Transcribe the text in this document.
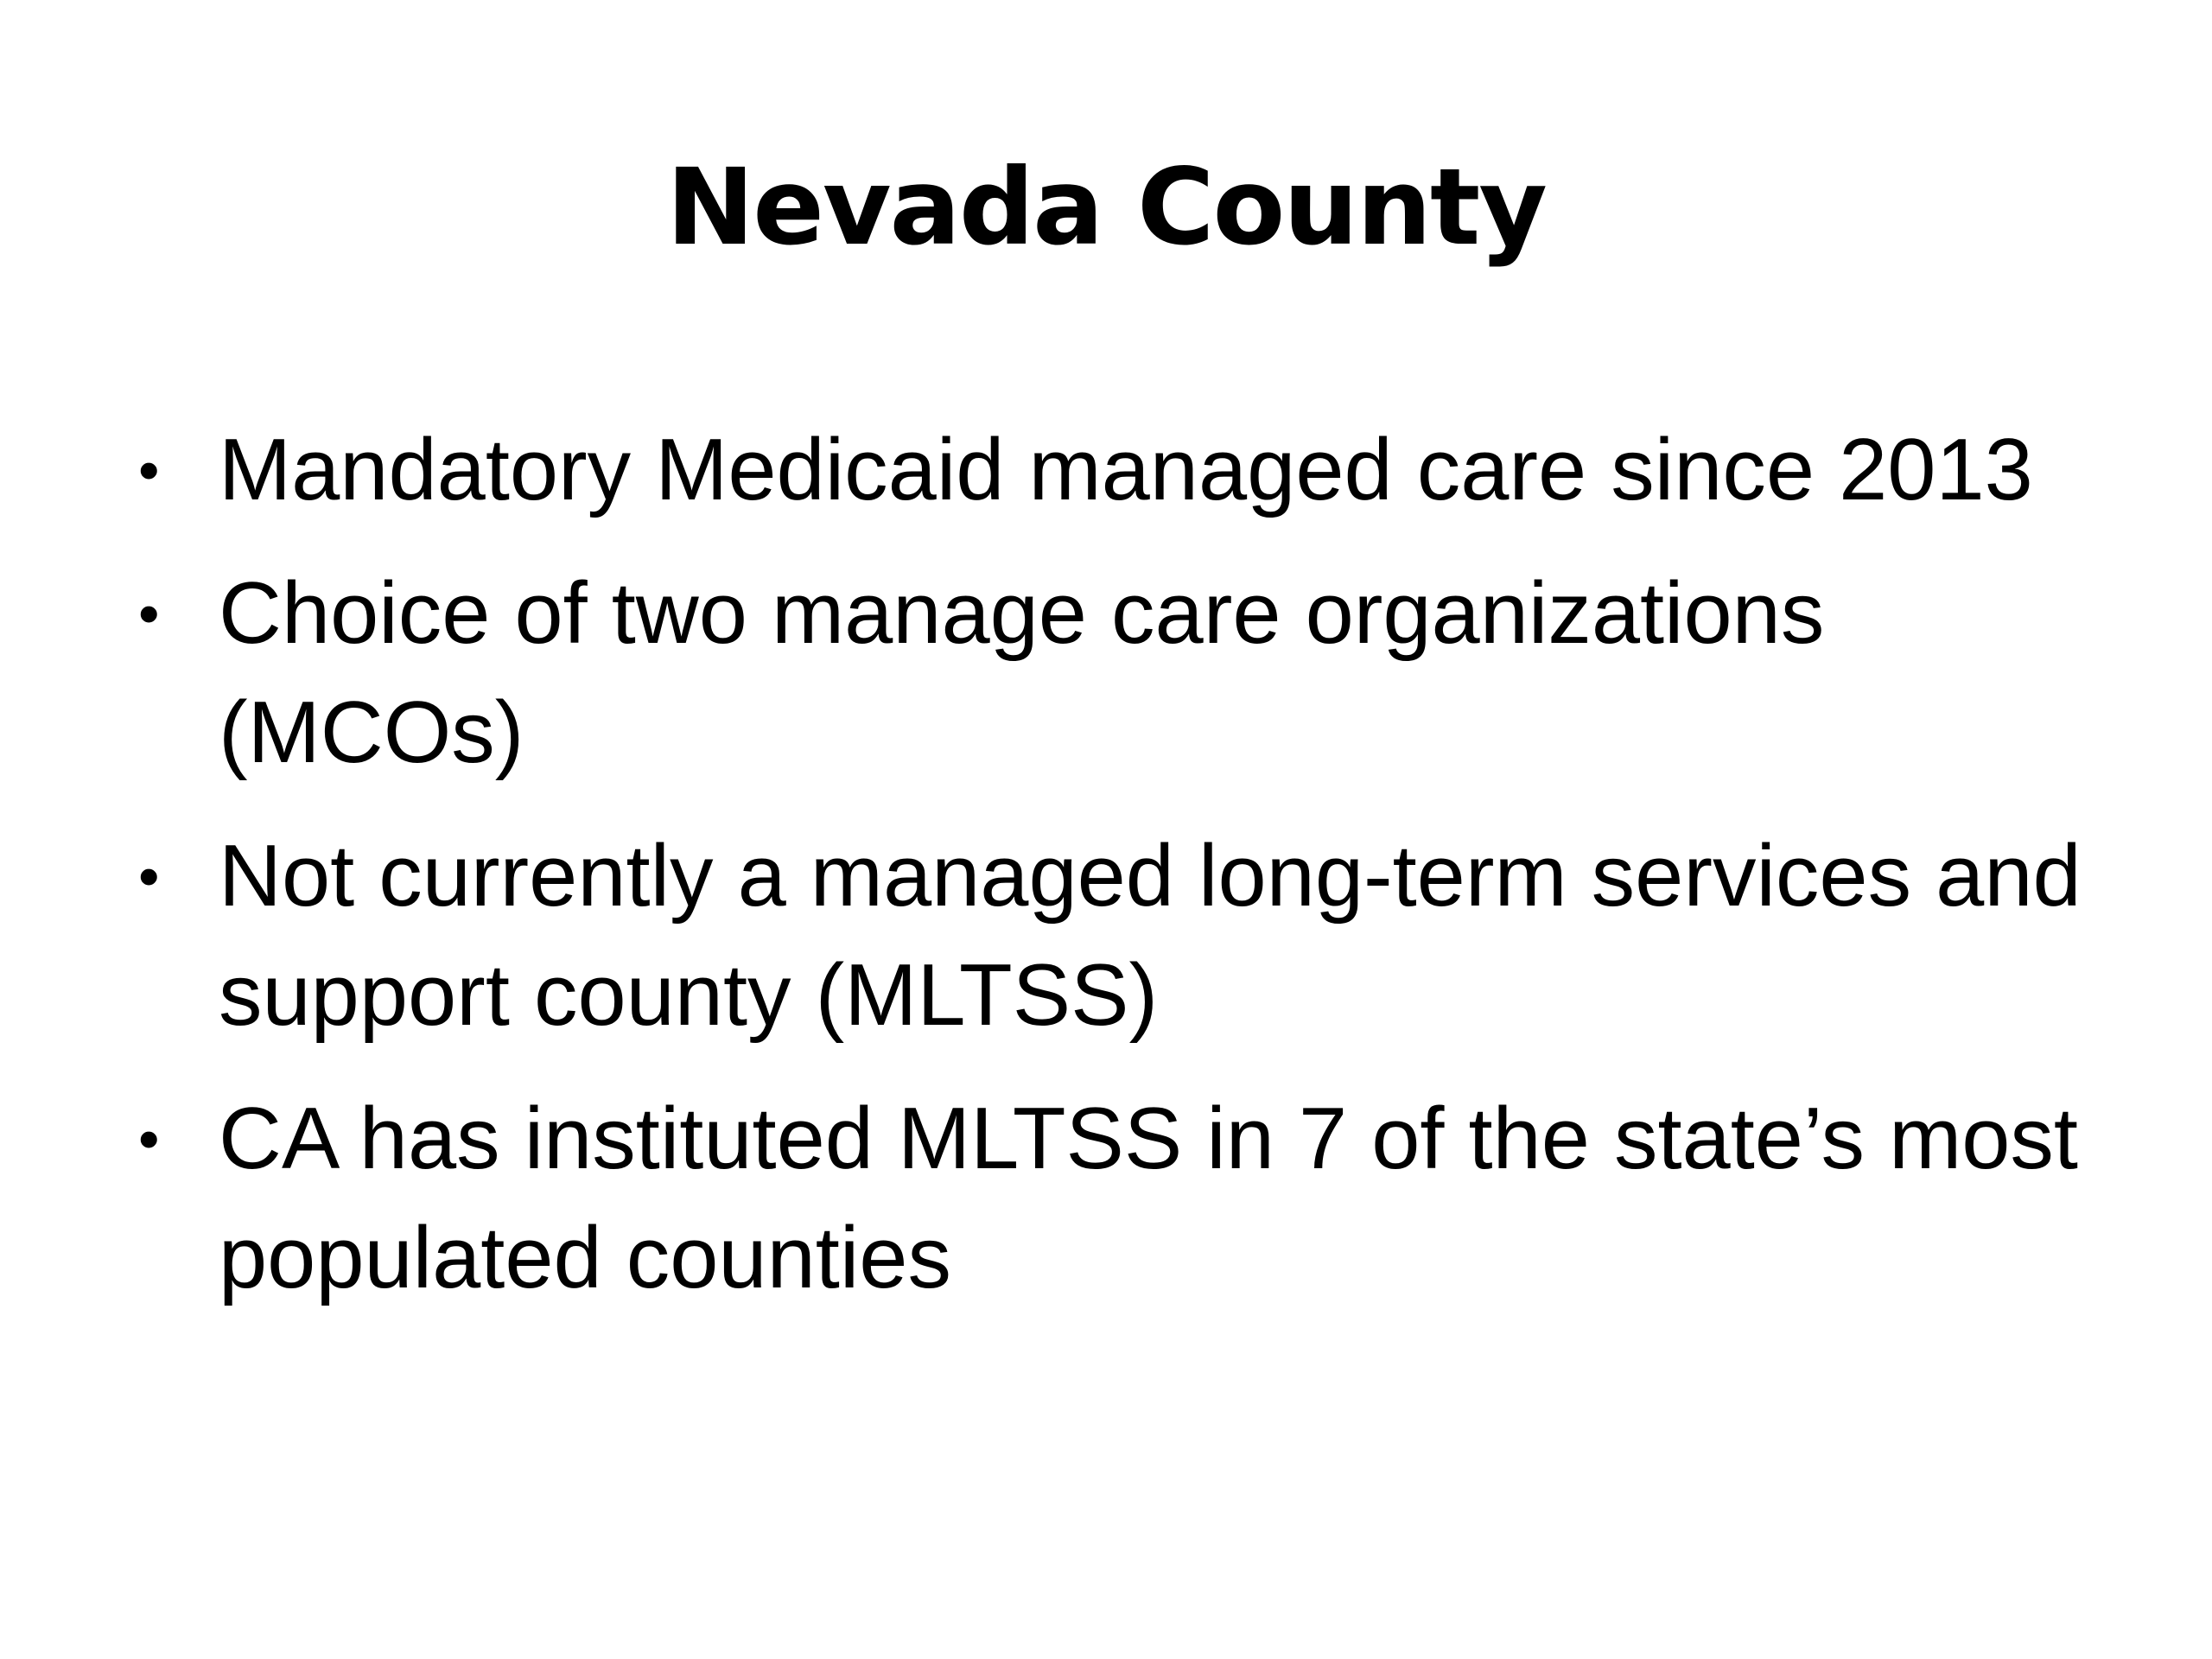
Nevada County
• Mandatory Medicaid managed care since 2013
• Choice of two manage care organizations (MCOs)
• Not currently a managed long-term services and support county (MLTSS)
• CA has instituted MLTSS in 7 of the state’s most populated counties
